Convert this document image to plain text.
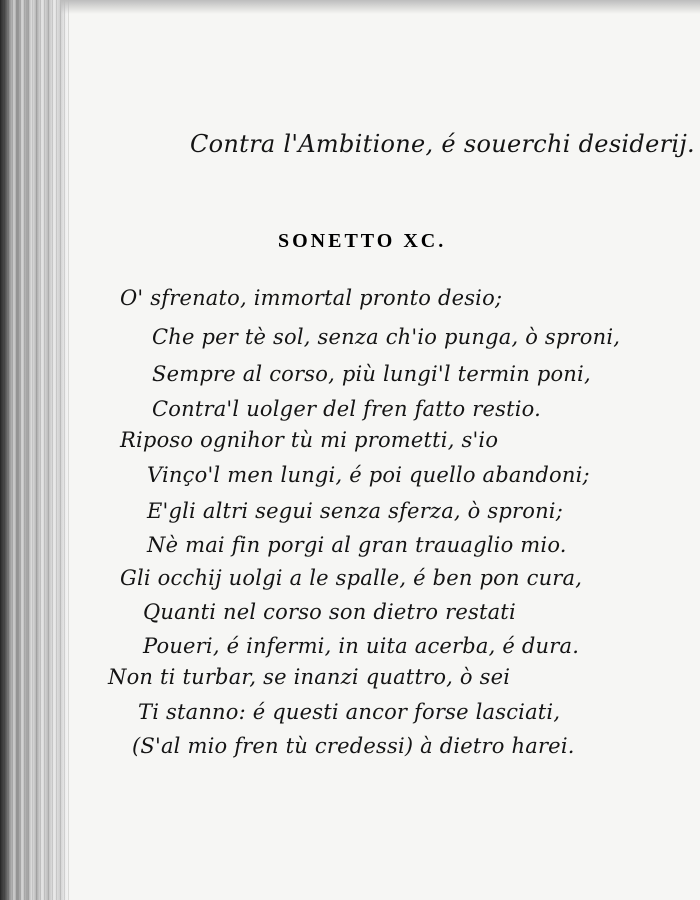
Contra l'Ambitione, é souerchi desiderij.
SONETTO XC.
O' sfrenato, immortal pronto desio;
Che per tè sol, senza ch'io punga, ò sproni,
Sempre al corso, più lungi'l termin poni,
Contra'l uolger del fren fatto restio.
Riposo ognihor tù mi prometti, s'io
Vinço'l men lungi, é poi quello abandoni;
E'gli altri segui senza sferza, ò sproni;
Nè mai fin porgi al gran trauaglio mio.
Gli occhij uolgi a le spalle, é ben pon cura,
Quanti nel corso son dietro restati
Poueri, é infermi, in uita acerba, é dura.
Non ti turbar, se inanzi quattro, ò sei
Ti stanno: é questi ancor forse lasciati,
(S'al mio fren tù credessi) à dietro harei.
